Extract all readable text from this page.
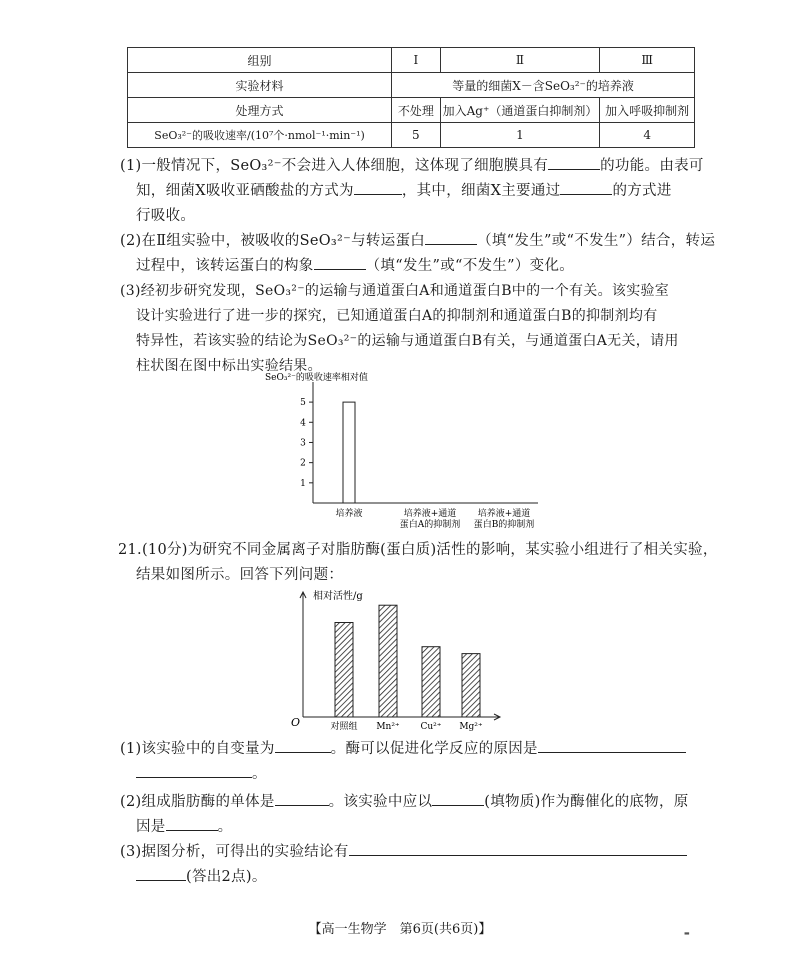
组别	Ⅰ	Ⅱ	Ⅲ
实验材料	等量的细菌X－含SeO₃²⁻的培养液		
处理方式	不处理	加入Ag⁺（通道蛋白抑制剂）	加入呼吸抑制剂
SeO₃²⁻的吸收速率/(10⁷个·nmol⁻¹·min⁻¹)	5	1	4
(1)一般情况下，SeO₃²⁻不会进入人体细胞，这体现了细胞膜具有	的功能。由表可
知，细菌X吸收亚硒酸盐的方式为	，其中，细菌X主要通过	的方式进
行吸收。
(2)在Ⅱ组实验中，被吸收的SeO₃²⁻与转运蛋白	（填“发生”或“不发生”）结合，转运
过程中，该转运蛋白的构象	（填“发生”或“不发生”）变化。
(3)经初步研究发现，SeO₃²⁻的运输与通道蛋白A和通道蛋白B中的一个有关。该实验室
设计实验进行了进一步的探究，已知通道蛋白A的抑制剂和通道蛋白B的抑制剂均有
特异性，若该实验的结论为SeO₃²⁻的运输与通道蛋白B有关，与通道蛋白A无关，请用
柱状图在图中标出实验结果。
SeO₃²⁻的吸收速率相对值
1
2
3
4
5
培养液	培养液+通道
蛋白A的抑制剂
培养液+通道
蛋白B的抑制剂
21.(10分)为研究不同金属离子对脂肪酶(蛋白质)活性的影响，某实验小组进行了相关实验，
结果如图所示。回答下列问题：
相对活性/g
O	对照组 Mn²⁺ Cu²⁺ Mg²⁺
(1)该实验中的自变量为	。酶可以促进化学反应的原因是
。
(2)组成脂肪酶的单体是	。该实验中应以	(填物质)作为酶催化的底物，原
因是	。
(3)据图分析，可得出的实验结论有
(答出2点)。
【高一生物学　第6页(共6页)】	▬
